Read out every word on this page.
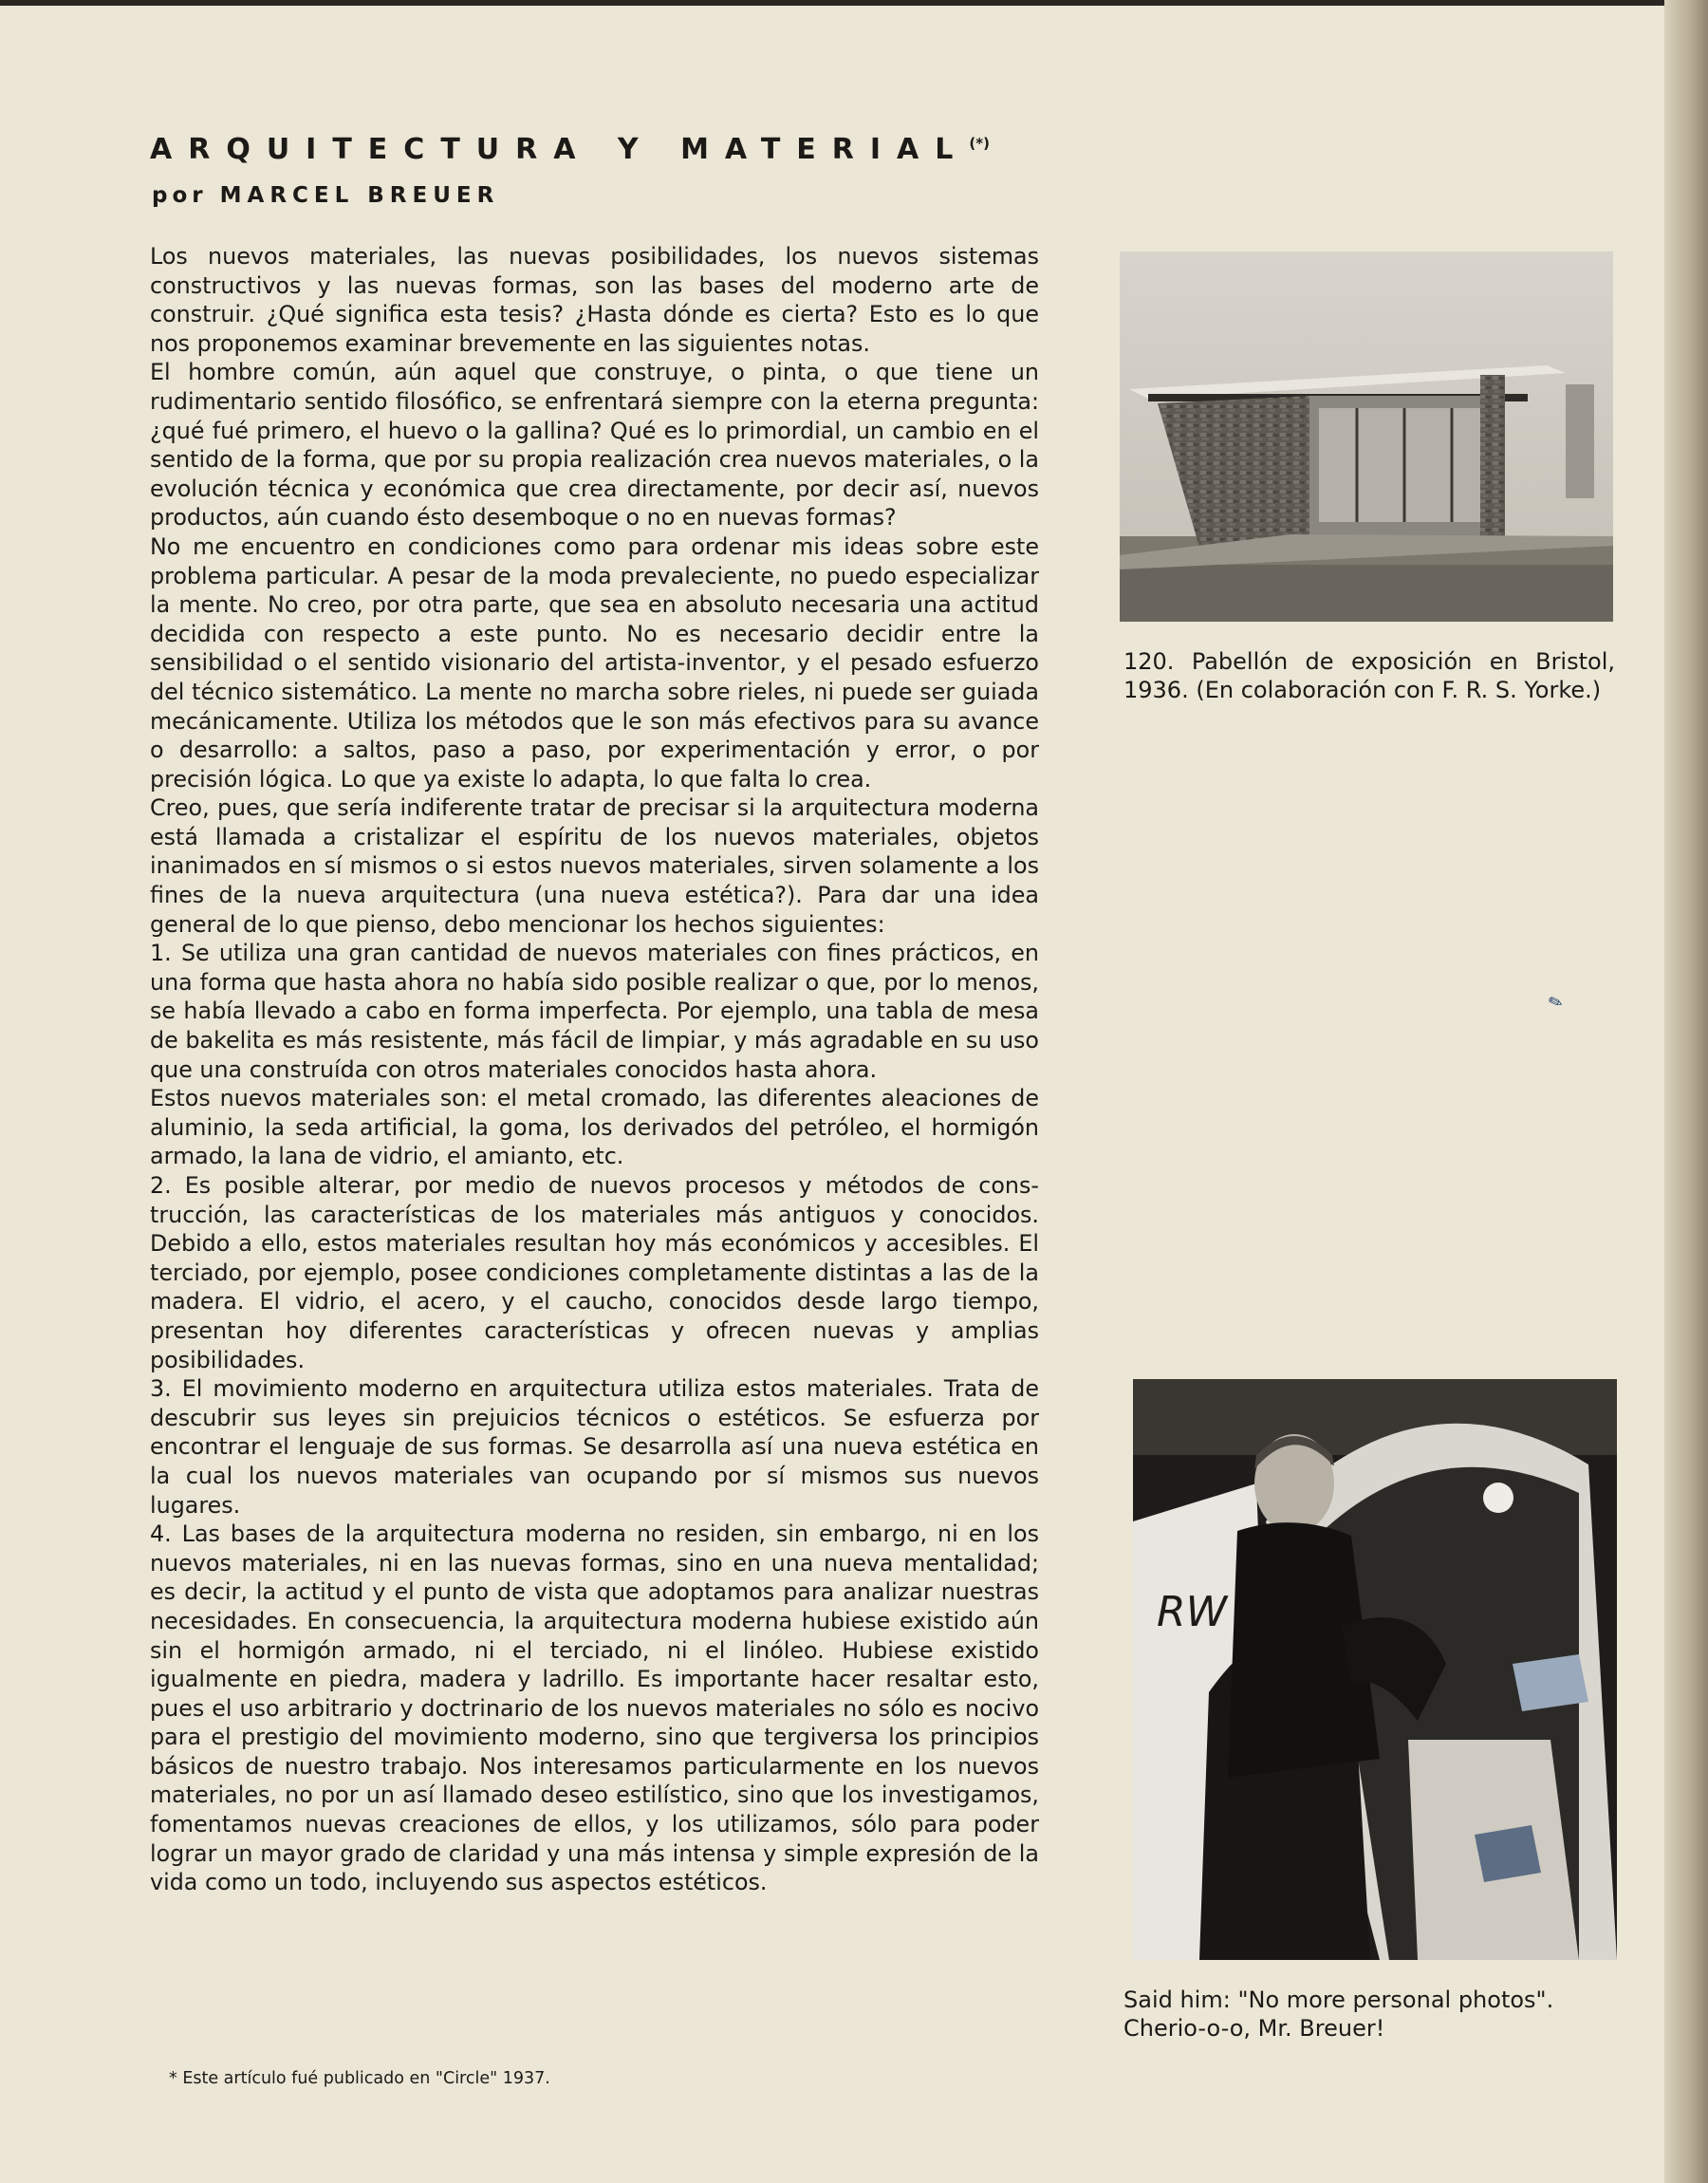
ARQUITECTURA Y MATERIAL(*)
por MARCEL BREUER

Los nuevos materiales, las nuevas posibilidades, los nuevos sistemas constructivos y las nuevas formas, son las bases del moderno arte de construir. ¿Qué significa esta tesis? ¿Hasta dónde es cierta? Esto es lo que nos proponemos examinar brevemente en las siguientes notas.

El hombre común, aún aquel que construye, o pinta, o que tiene un rudimentario sentido filosófico, se enfrentará siempre con la eterna pregunta: ¿qué fué primero, el huevo o la gallina? Qué es lo primordial, un cambio en el sentido de la forma, que por su propia realización crea nuevos materiales, o la evolución técnica y económica que crea directamente, por decir así, nuevos productos, aún cuando ésto desemboque o no en nuevas formas?

No me encuentro en condiciones como para ordenar mis ideas sobre este problema particular. A pesar de la moda prevaleciente, no puedo especializar la mente. No creo, por otra parte, que sea en absoluto necesaria una actitud decidida con respecto a este punto. No es necesario decidir entre la sensibilidad o el sentido visionario del artista-inventor, y el pesado esfuerzo del técnico sistemático. La mente no marcha sobre rieles, ni puede ser guiada mecánicamente. Utiliza los métodos que le son más efectivos para su avance o desarrollo: a saltos, paso a paso, por experimentación y error, o por precisión lógica. Lo que ya existe lo adapta, lo que falta lo crea.

Creo, pues, que sería indiferente tratar de precisar si la arquitectura moderna está llamada a cristalizar el espíritu de los nuevos materiales, objetos inanimados en sí mismos o si estos nuevos materiales, sirven solamente a los fines de la nueva arquitectura (una nueva estética?). Para dar una idea general de lo que pienso, debo mencionar los hechos siguientes:

1. Se utiliza una gran cantidad de nuevos materiales con fines prácticos, en una forma que hasta ahora no había sido posible realizar o que, por lo menos, se había llevado a cabo en forma imperfecta. Por ejemplo, una tabla de mesa de bakelita es más resistente, más fácil de limpiar, y más agradable en su uso que una construída con otros materiales conocidos hasta ahora.

Estos nuevos materiales son: el metal cromado, las diferentes aleaciones de aluminio, la seda artificial, la goma, los derivados del petróleo, el hormigón armado, la lana de vidrio, el amianto, etc.

2. Es posible alterar, por medio de nuevos procesos y métodos de construcción, las características de los materiales más antiguos y conocidos. Debido a ello, estos materiales resultan hoy más económicos y accesibles. El terciado, por ejemplo, posee condiciones completamente distintas a las de la madera. El vidrio, el acero, y el caucho, conocidos desde largo tiempo, presentan hoy diferentes características y ofrecen nuevas y amplias posibilidades.

3. El movimiento moderno en arquitectura utiliza estos materiales. Trata de descubrir sus leyes sin prejuicios técnicos o estéticos. Se esfuerza por encontrar el lenguaje de sus formas. Se desarrolla así una nueva estética en la cual los nuevos materiales van ocupando por sí mismos sus nuevos lugares.

4. Las bases de la arquitectura moderna no residen, sin embargo, ni en los nuevos materiales, ni en las nuevas formas, sino en una nueva mentalidad; es decir, la actitud y el punto de vista que adoptamos para analizar nuestras necesidades. En consecuencia, la arquitectura moderna hubiese existido aún sin el hormigón armado, ni el terciado, ni el linóleo. Hubiese existido igualmente en piedra, madera y ladrillo. Es importante hacer resaltar esto, pues el uso arbitrario y doctrinario de los nuevos materiales no sólo es nocivo para el prestigio del movimiento moderno, sino que tergiversa los principios básicos de nuestro trabajo. Nos interesamos particularmente en los nuevos materiales, no por un así llamado deseo estilístico, sino que los investigamos, fomentamos nuevas creaciones de ellos, y los utilizamos, sólo para poder lograr un mayor grado de claridad y una más intensa y simple expresión de la vida como un todo, incluyendo sus aspectos estéticos.

* Este artículo fué publicado en "Circle" 1937.
120. Pabellón de exposición en Bristol, 1936. (En colaboración con F. R. S. Yorke.)
✎
RW
Said him: "No more personal photos".
Cherio-o-o, Mr. Breuer!
